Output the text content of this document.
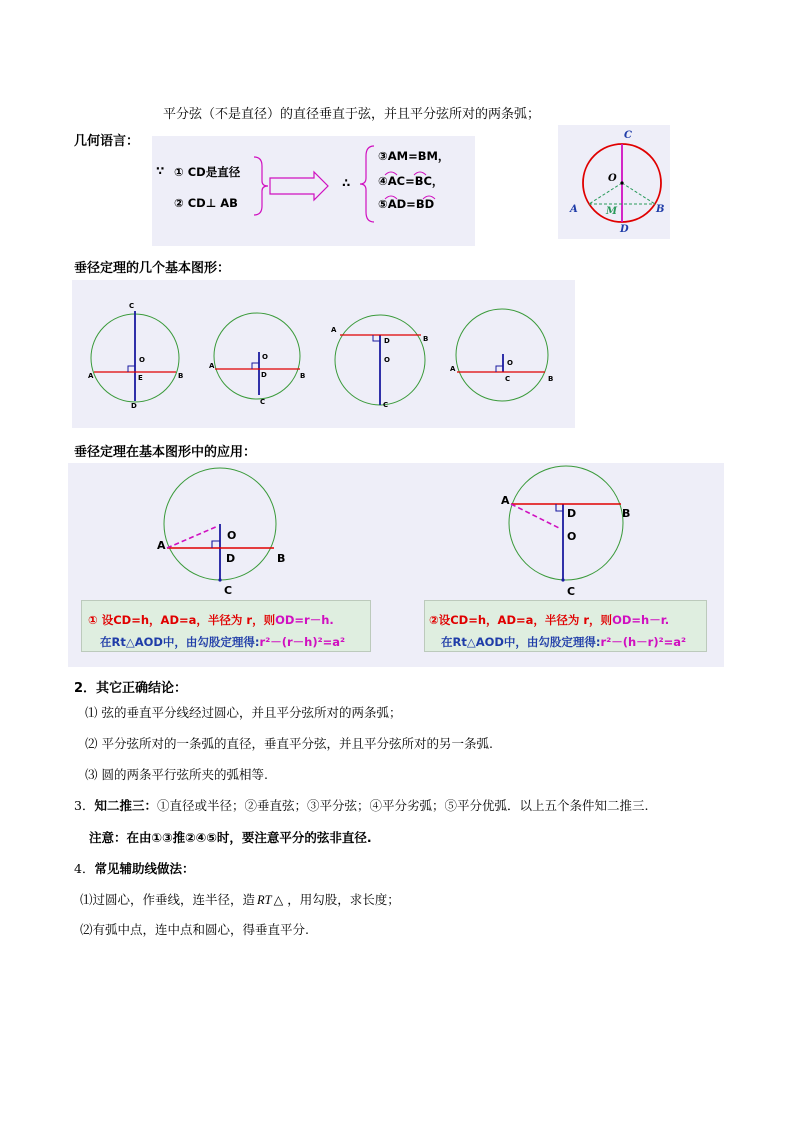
平分弦（不是直径）的直径垂直于弦，并且平分弦所对的两条弧；
几何语言：
∵ ① CD是直径
② CD⊥ AB
∴
③AM=BM，
④AC=BC，
⑤AD=BD
C
O
A	M	B
D
垂径定理的几个基本图形：
C
O
A	E	B
D
O
A
D	B
C
A
D	B
O
C
O
A
C	B
垂径定理在基本图形中的应用：
O
A
D	B
C
A
D	B
O
C
① 设CD=h，AD=a，半径为 r，则OD=r－h.
在Rt△AOD中，由勾股定理得:r²－(r－h)²=a²
②设CD=h，AD=a，半径为 r，则OD=h－r.
在Rt△AOD中，由勾股定理得:r²－(h－r)²=a²
2．其它正确结论：
⑴ 弦的垂直平分线经过圆心，并且平分弦所对的两条弧；
⑵ 平分弦所对的一条弧的直径，垂直平分弦，并且平分弦所对的另一条弧.
⑶ 圆的两条平行弦所夹的弧相等.
3．知二推三：①直径或半径；②垂直弦；③平分弦；④平分劣弧；⑤平分优弧．以上五个条件知二推三.
注意：在由①③推②④⑤时，要注意平分的弦非直径.
4．常见辅助线做法：
⑴过圆心，作垂线，连半径，造 RT △ ，用勾股，求长度；
⑵有弧中点，连中点和圆心，得垂直平分.
